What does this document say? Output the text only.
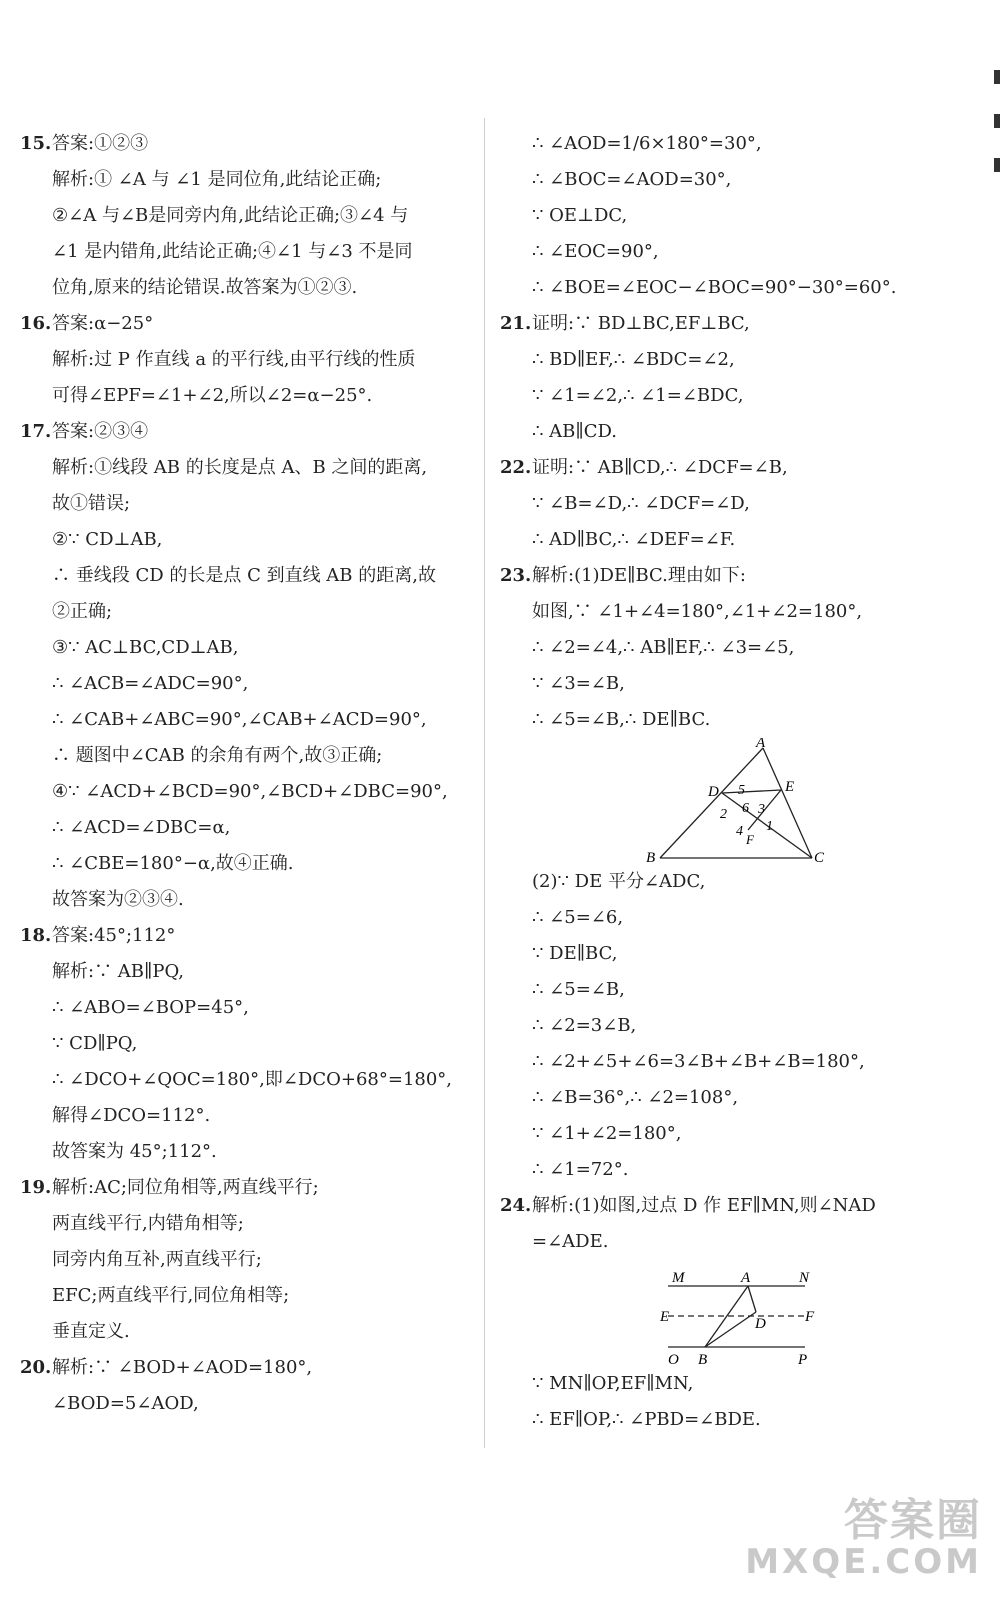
15.答案:①②③
解析:① ∠A 与 ∠1 是同位角,此结论正确;
②∠A 与∠B是同旁内角,此结论正确;③∠4 与
∠1 是内错角,此结论正确;④∠1 与∠3 不是同
位角,原来的结论错误.故答案为①②③.
16.答案:α−25°
解析:过 P 作直线 a 的平行线,由平行线的性质
可得∠EPF=∠1+∠2,所以∠2=α−25°.
17.答案:②③④
解析:①线段 AB 的长度是点 A、B 之间的距离,
故①错误;
②∵ CD⊥AB,
∴ 垂线段 CD 的长是点 C 到直线 AB 的距离,故
②正确;
③∵ AC⊥BC,CD⊥AB,
∴ ∠ACB=∠ADC=90°,
∴ ∠CAB+∠ABC=90°,∠CAB+∠ACD=90°,
∴ 题图中∠CAB 的余角有两个,故③正确;
④∵ ∠ACD+∠BCD=90°,∠BCD+∠DBC=90°,
∴ ∠ACD=∠DBC=α,
∴ ∠CBE=180°−α,故④正确.
故答案为②③④.
18.答案:45°;112°
解析:∵ AB∥PQ,
∴ ∠ABO=∠BOP=45°,
∵ CD∥PQ,
∴ ∠DCO+∠QOC=180°,即∠DCO+68°=180°,
解得∠DCO=112°.
故答案为 45°;112°.
19.解析:AC;同位角相等,两直线平行;
两直线平行,内错角相等;
同旁内角互补,两直线平行;
EFC;两直线平行,同位角相等;
垂直定义.
20.解析:∵ ∠BOD+∠AOD=180°,
∠BOD=5∠AOD,
∴ ∠AOD=1/6×180°=30°,
∴ ∠BOC=∠AOD=30°,
∵ OE⊥DC,
∴ ∠EOC=90°,
∴ ∠BOE=∠EOC−∠BOC=90°−30°=60°.
21.证明:∵ BD⊥BC,EF⊥BC,
∴ BD∥EF,∴ ∠BDC=∠2,
∵ ∠1=∠2,∴ ∠1=∠BDC,
∴ AB∥CD.
22.证明:∵ AB∥CD,∴ ∠DCF=∠B,
∵ ∠B=∠D,∴ ∠DCF=∠D,
∴ AD∥BC,∴ ∠DEF=∠F.
23.解析:(1)DE∥BC.理由如下:
如图,∵ ∠1+∠4=180°,∠1+∠2=180°,
∴ ∠2=∠4,∴ AB∥EF,∴ ∠3=∠5,
∵ ∠3=∠B,
∴ ∠5=∠B,∴ DE∥BC.
A
B	C
D	E
F
1
2 3
4
5
6
(2)∵ DE 平分∠ADC,
∴ ∠5=∠6,
∵ DE∥BC,
∴ ∠5=∠B,
∴ ∠2=3∠B,
∴ ∠2+∠5+∠6=3∠B+∠B+∠B=180°,
∴ ∠B=36°,∴ ∠2=108°,
∵ ∠1+∠2=180°,
∴ ∠1=72°.
24.解析:(1)如图,过点 D 作 EF∥MN,则∠NAD
=∠ADE.
M	A	N
E	D	F
O B	P
∵ MN∥OP,EF∥MN,
∴ EF∥OP,∴ ∠PBD=∠BDE.
答案圈
MXQE.COM
